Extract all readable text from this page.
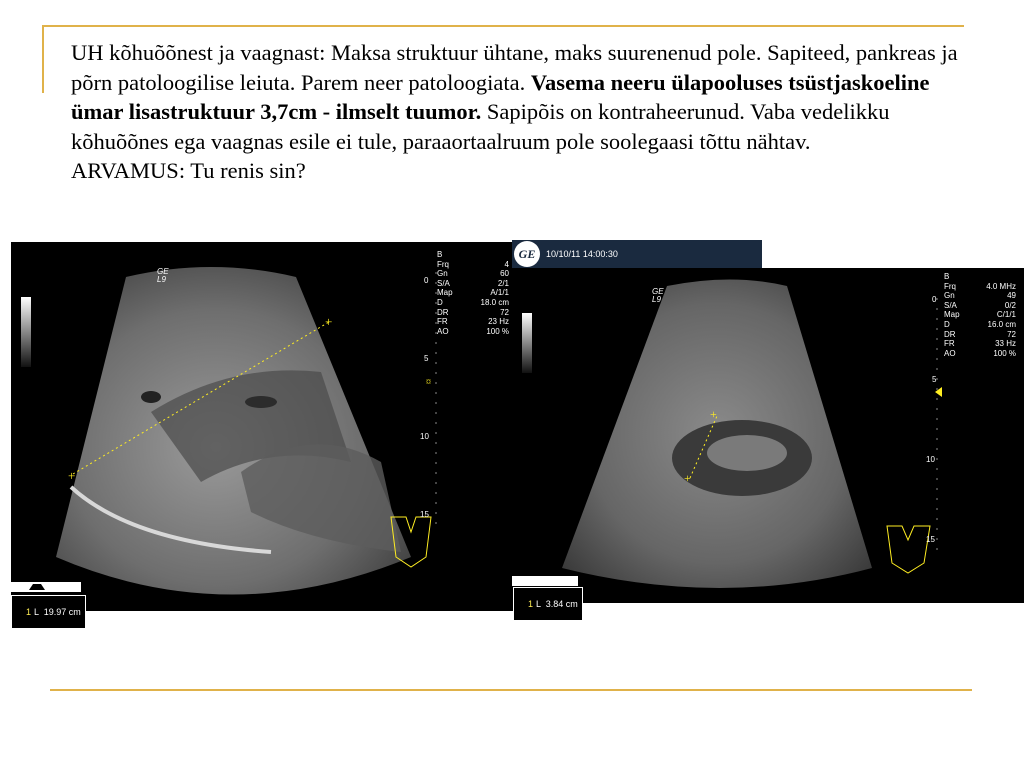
UH kõhuõõnest ja vaagnast: Maksa struktuur ühtane, maks suurenenud pole. Sapiteed, pankreas ja põrn patoloogilise leiuta. Parem neer patoloogiata. Vasema neeru ülapooluses tsüstjaskoeline ümar lisastruktuur 3,7cm - ilmselt tuumor. Sapipõis on kontraheerunud. Vaba vedelikku kõhuõõnes ega vaagnas esile ei tule, paraaortaalruum pole soolegaasi tõttu nähtav.
ARVAMUS: Tu renis sin?
+
+
¤
GE
L9
B
Frq	4
Gn	60
S/A	2/1
Map	A/1/1
D	18.0 cm
DR	72
FR	23 Hz
AO	100 %
0
5
10
15

1 L  19.97 cm

+
+
GE
L9
B
Frq	4.0 MHz
Gn	49
S/A	0/2
Map	C/1/1
D	16.0 cm
DR	72
FR	33 Hz
AO	100 %
0
5
10
15

1 L  3.84 cm

GE	10/10/11 14:00:30
